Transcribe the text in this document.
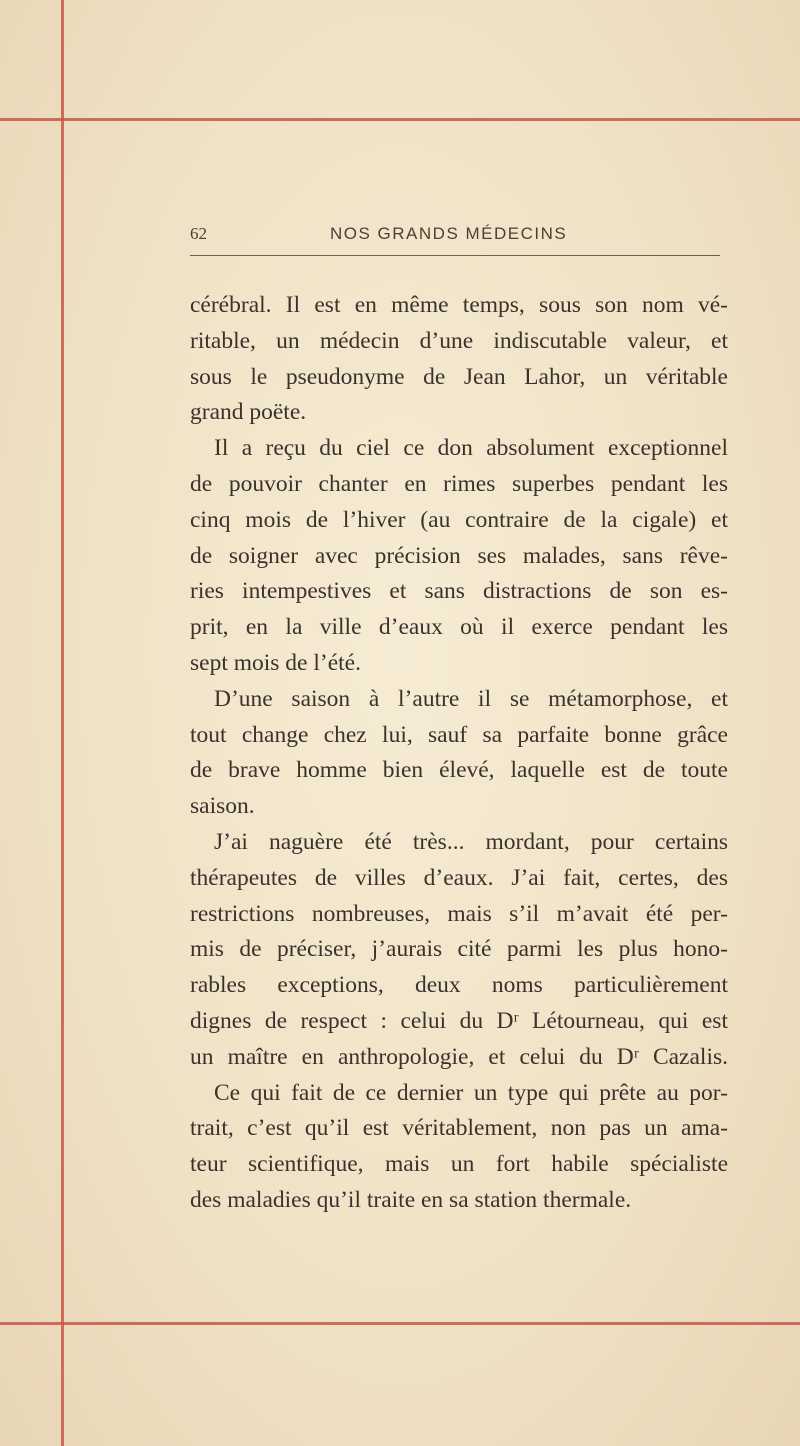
62	NOS GRANDS MÉDECINS
cérébral. Il est en même temps, sous son nom vé-
ritable, un médecin d’une indiscutable valeur, et
sous le pseudonyme de Jean Lahor, un véritable
grand poëte.
Il a reçu du ciel ce don absolument exceptionnel
de pouvoir chanter en rimes superbes pendant les
cinq mois de l’hiver (au contraire de la cigale) et
de soigner avec précision ses malades, sans rêve-
ries intempestives et sans distractions de son es-
prit, en la ville d’eaux où il exerce pendant les
sept mois de l’été.
D’une saison à l’autre il se métamorphose, et
tout change chez lui, sauf sa parfaite bonne grâce
de brave homme bien élevé, laquelle est de toute
saison.
J’ai naguère été très... mordant, pour certains
thérapeutes de villes d’eaux. J’ai fait, certes, des
restrictions nombreuses, mais s’il m’avait été per-
mis de préciser, j’aurais cité parmi les plus hono-
rables exceptions, deux noms particulièrement
dignes de respect : celui du Dʳ Létourneau, qui est
un maître en anthropologie, et celui du Dʳ Cazalis.
Ce qui fait de ce dernier un type qui prête au por-
trait, c’est qu’il est véritablement, non pas un ama-
teur scientifique, mais un fort habile spécialiste
des maladies qu’il traite en sa station thermale.
